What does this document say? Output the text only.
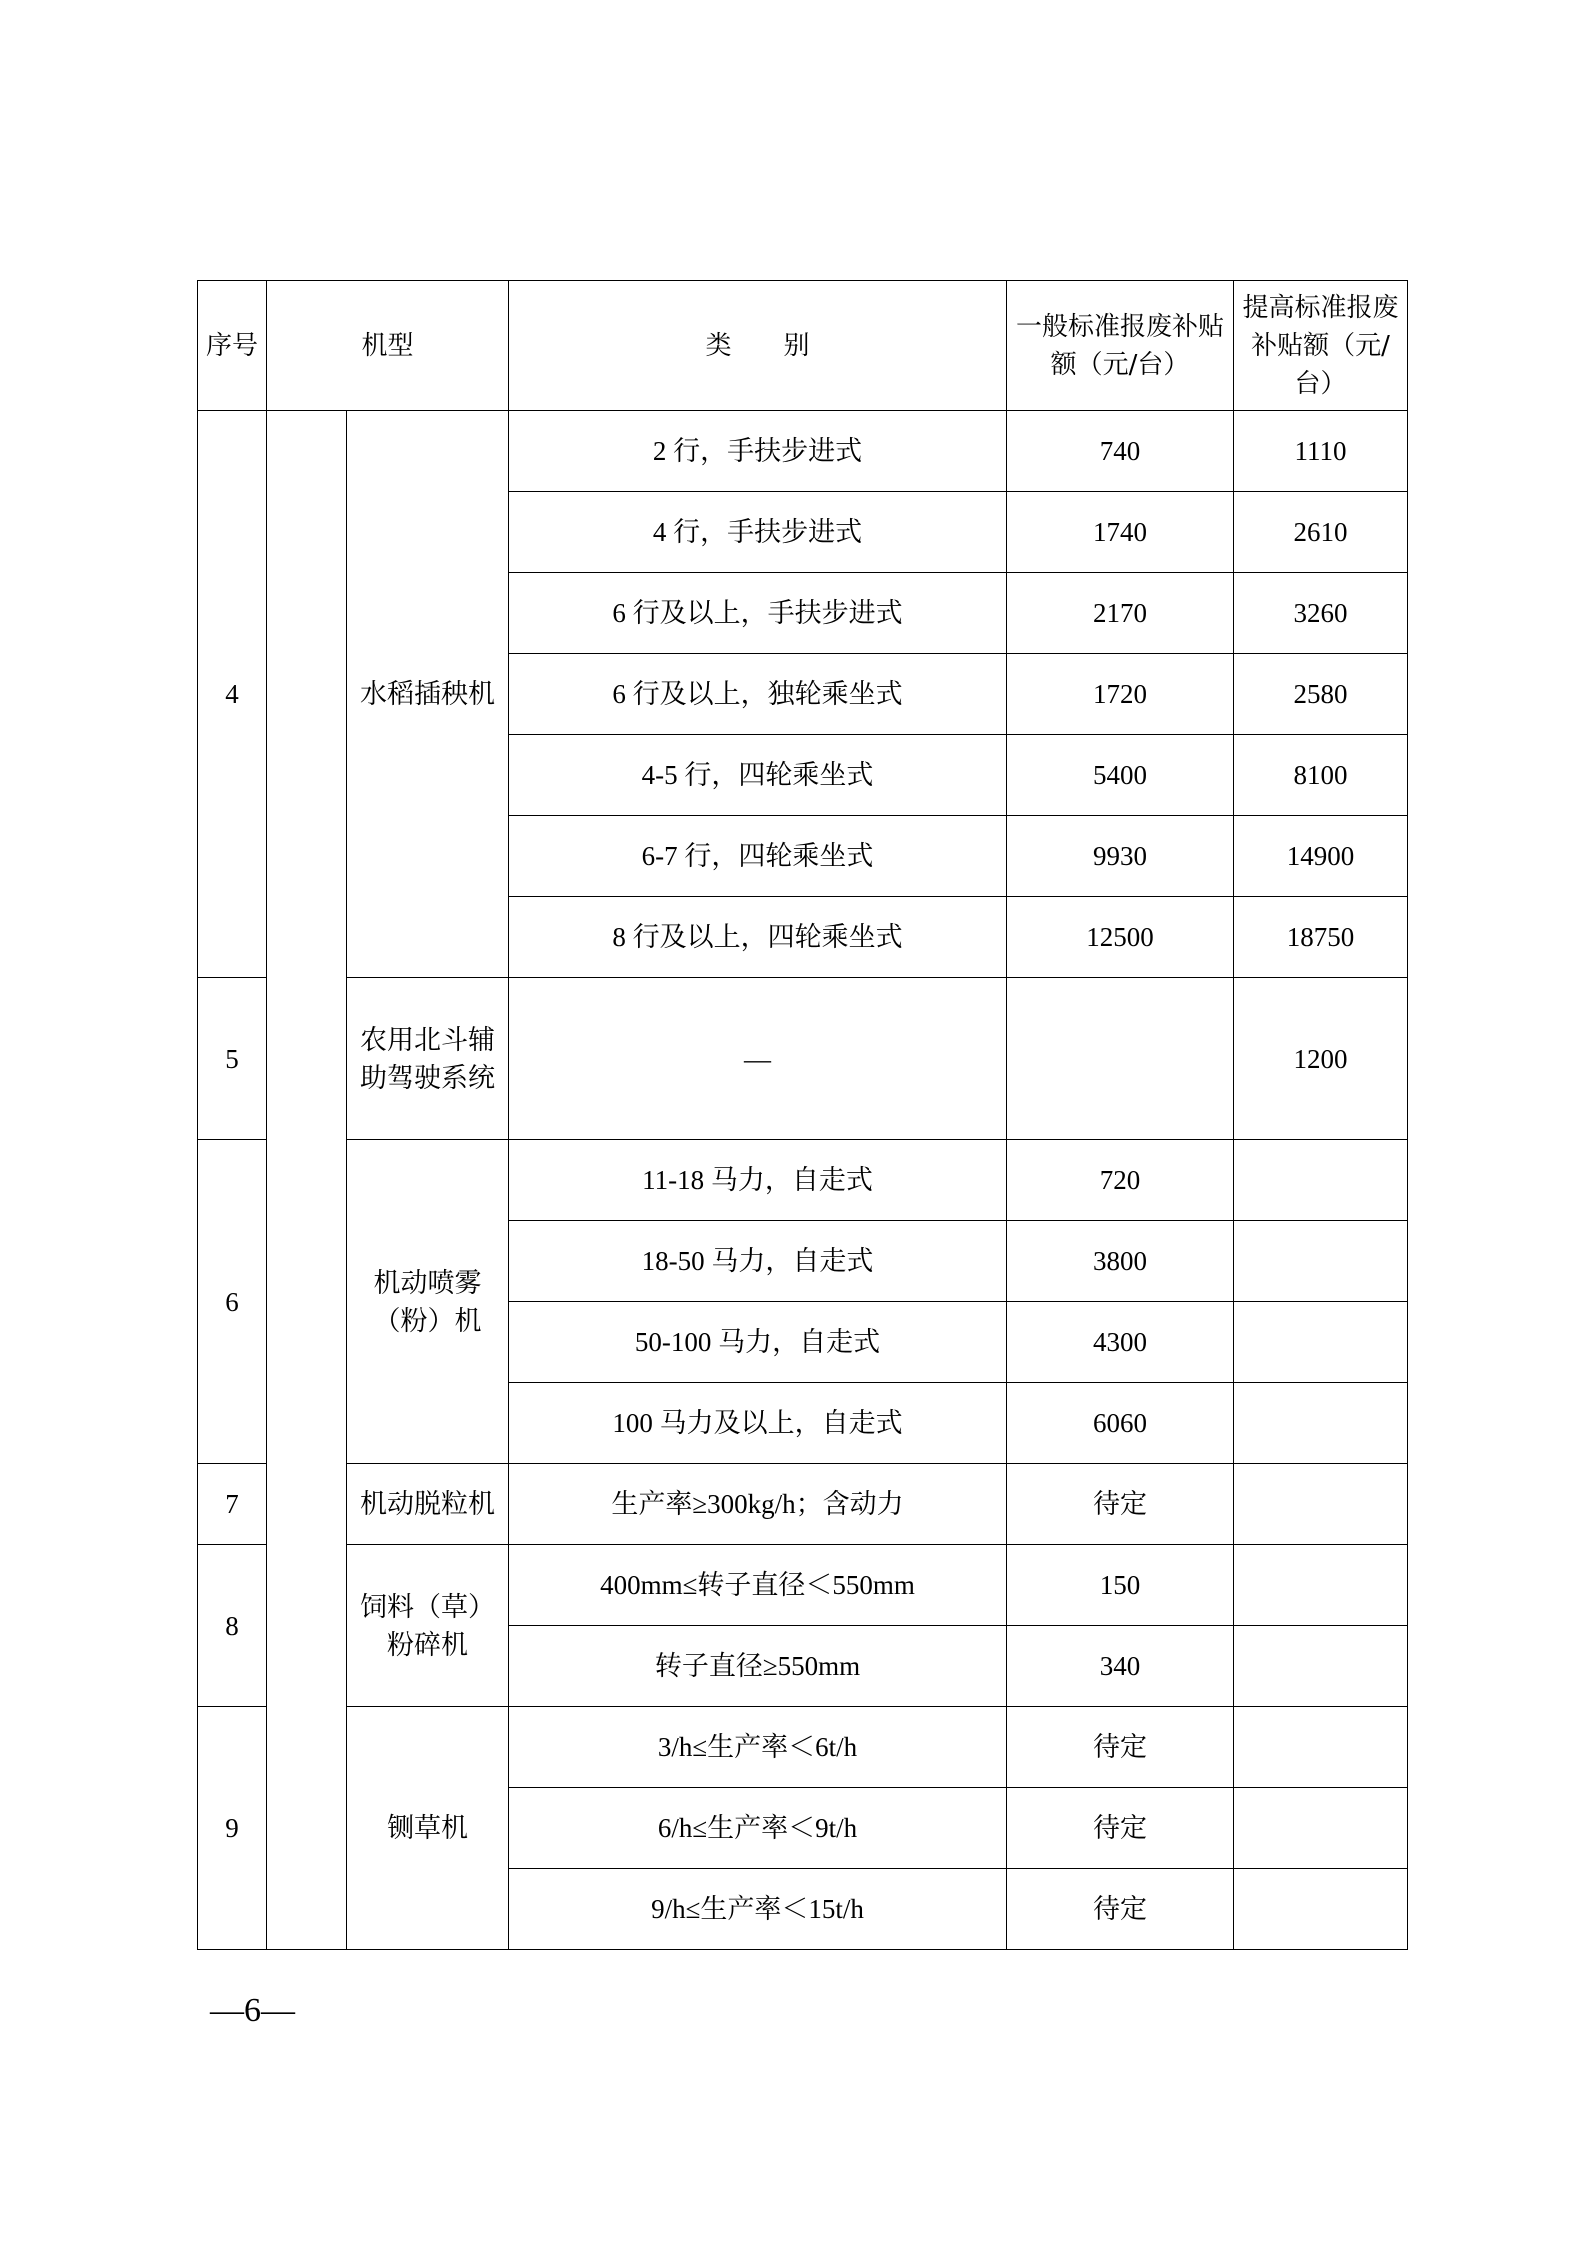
序号	机型		类　　别	一般标准报废补贴额（元/台）	提高标准报废补贴额（元/台）
4		水稻插秧机	2 行，手扶步进式	740	1110
			4 行，手扶步进式	1740	2610
			6 行及以上，手扶步进式	2170	3260
			6 行及以上，独轮乘坐式	1720	2580
			4-5 行，四轮乘坐式	5400	8100
			6-7 行，四轮乘坐式	9930	14900
			8 行及以上，四轮乘坐式	12500	18750
5		农用北斗辅助驾驶系统	—		1200
6		机动喷雾（粉）机	11-18 马力，自走式	720	
			18-50 马力，自走式	3800	
			50-100 马力，自走式	4300	
			100 马力及以上，自走式	6060	
7		机动脱粒机	生产率≥300kg/h；含动力	待定	
8		饲料（草）粉碎机	400mm≤转子直径＜550mm	150	
			转子直径≥550mm	340	
9		铡草机	3/h≤生产率＜6t/h	待定	
			6/h≤生产率＜9t/h	待定	
			9/h≤生产率＜15t/h	待定	
—6—
